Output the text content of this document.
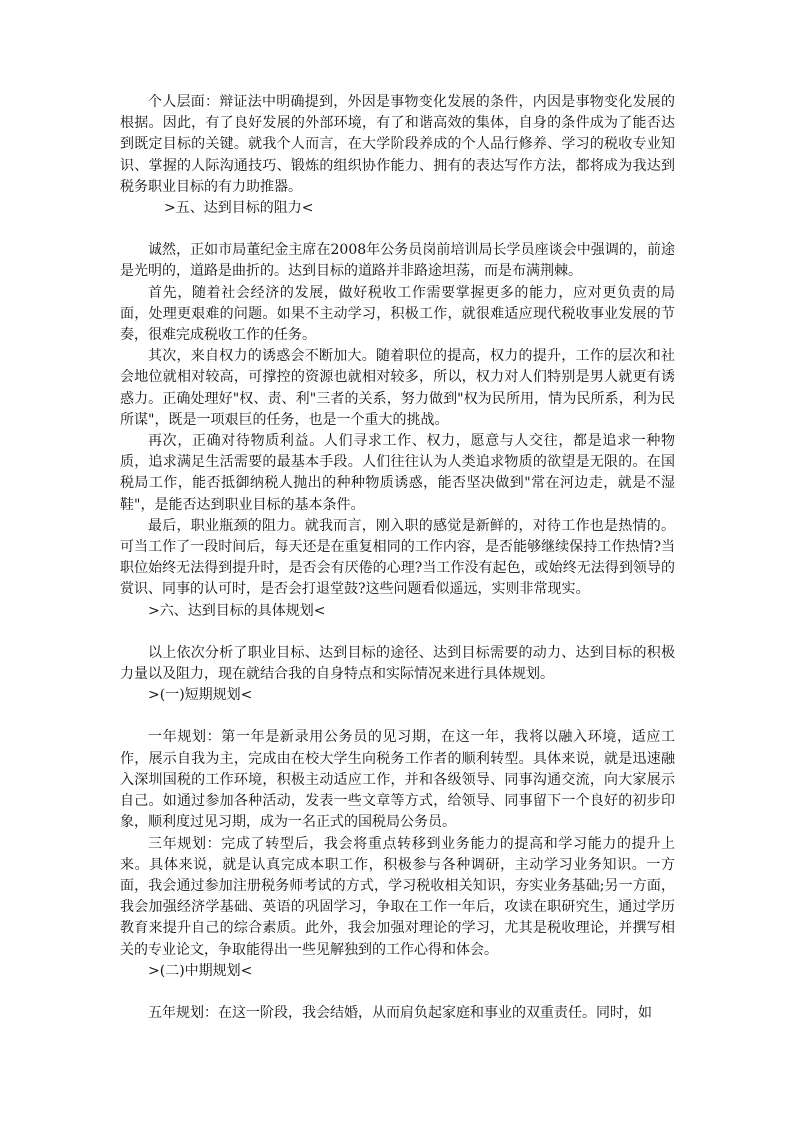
个人层面：辩证法中明确提到，外因是事物变化发展的条件，内因是事物变化发展的根据。因此，有了良好发展的外部环境，有了和谐高效的集体，自身的条件成为了能否达到既定目标的关键。就我个人而言，在大学阶段养成的个人品行修养、学习的税收专业知识、掌握的人际沟通技巧、锻炼的组织协作能力、拥有的表达写作方法，都将成为我达到税务职业目标的有力助推器。

>五、达到目标的阻力<

诚然，正如市局董纪金主席在2008年公务员岗前培训局长学员座谈会中强调的，前途是光明的，道路是曲折的。达到目标的道路并非路途坦荡，而是布满荆棘。

首先，随着社会经济的发展，做好税收工作需要掌握更多的能力，应对更负责的局面，处理更艰难的问题。如果不主动学习，积极工作，就很难适应现代税收事业发展的节奏，很难完成税收工作的任务。

其次，来自权力的诱惑会不断加大。随着职位的提高，权力的提升，工作的层次和社会地位就相对较高，可撑控的资源也就相对较多，所以，权力对人们特别是男人就更有诱惑力。正确处理好"权、责、利"三者的关系，努力做到"权为民所用，情为民所系，利为民所谋"，既是一项艰巨的任务，也是一个重大的挑战。

再次，正确对待物质利益。人们寻求工作、权力，愿意与人交往，都是追求一种物质，追求满足生活需要的最基本手段。人们往往认为人类追求物质的欲望是无限的。在国税局工作，能否抵御纳税人抛出的种种物质诱惑，能否坚决做到"常在河边走，就是不湿鞋"，是能否达到职业目标的基本条件。

最后，职业瓶颈的阻力。就我而言，刚入职的感觉是新鲜的，对待工作也是热情的。可当工作了一段时间后，每天还是在重复相同的工作内容，是否能够继续保持工作热情?当职位始终无法得到提升时，是否会有厌倦的心理?当工作没有起色，或始终无法得到领导的赏识、同事的认可时，是否会打退堂鼓?这些问题看似遥远，实则非常现实。

>六、达到目标的具体规划<

以上依次分析了职业目标、达到目标的途径、达到目标需要的动力、达到目标的积极力量以及阻力，现在就结合我的自身特点和实际情况来进行具体规划。

>(一)短期规划<

一年规划：第一年是新录用公务员的见习期，在这一年，我将以融入环境，适应工作，展示自我为主，完成由在校大学生向税务工作者的顺利转型。具体来说，就是迅速融入深圳国税的工作环境，积极主动适应工作，并和各级领导、同事沟通交流，向大家展示自己。如通过参加各种活动，发表一些文章等方式，给领导、同事留下一个良好的初步印象，顺利度过见习期，成为一名正式的国税局公务员。

三年规划：完成了转型后，我会将重点转移到业务能力的提高和学习能力的提升上来。具体来说，就是认真完成本职工作，积极参与各种调研，主动学习业务知识。一方面，我会通过参加注册税务师考试的方式，学习税收相关知识，夯实业务基础;另一方面，我会加强经济学基础、英语的巩固学习，争取在工作一年后，攻读在职研究生，通过学历教育来提升自己的综合素质。此外，我会加强对理论的学习，尤其是税收理论，并撰写相关的专业论文，争取能得出一些见解独到的工作心得和体会。

>(二)中期规划<

五年规划：在这一阶段，我会结婚，从而肩负起家庭和事业的双重责任。同时，如
